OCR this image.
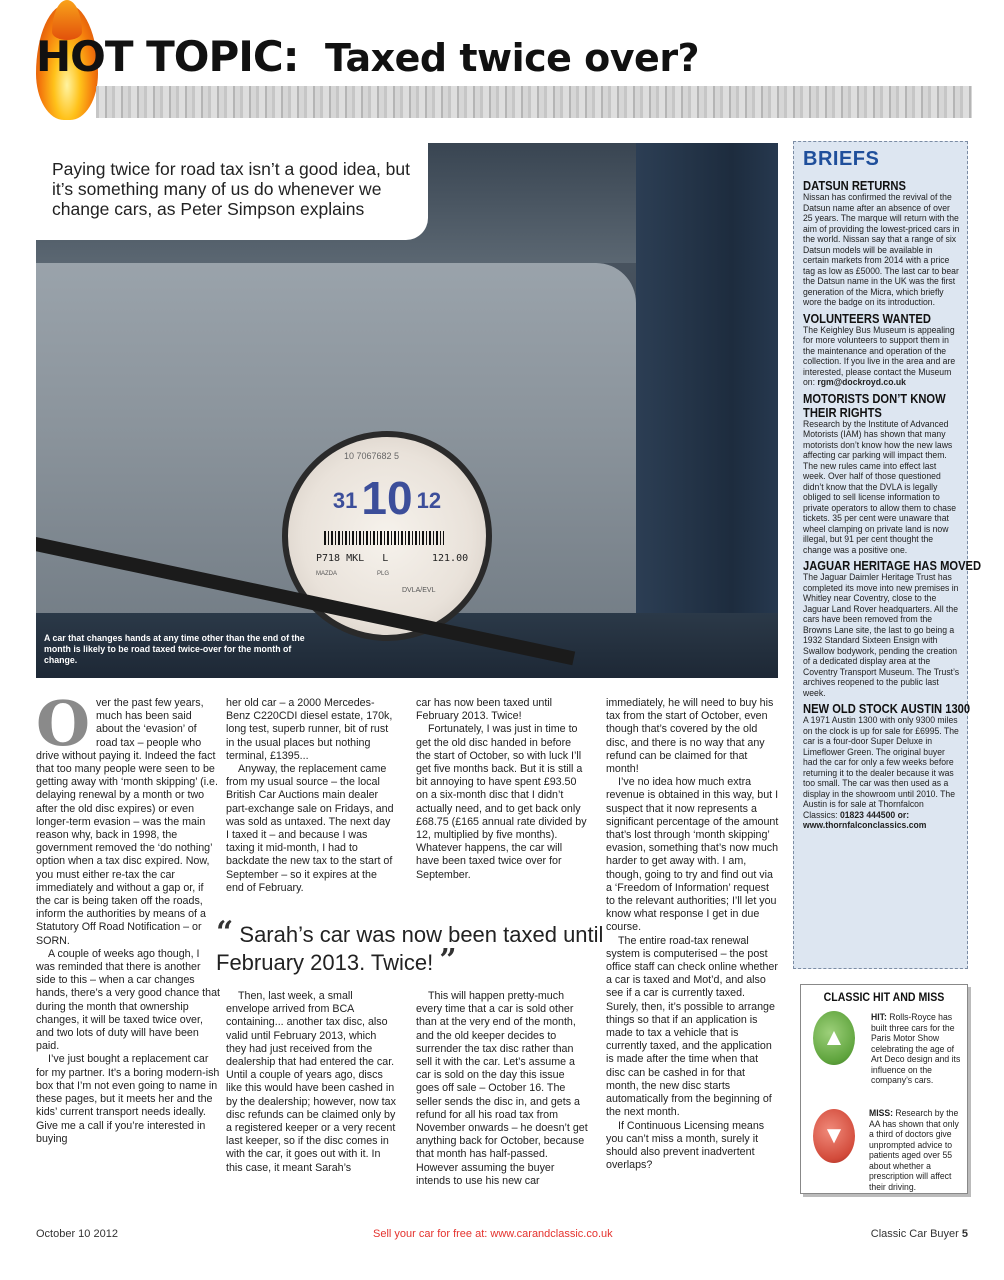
HOT TOPIC: Taxed twice over?
10 7067682 5
3110 12
P718 MKL L	121.00
MAZDA	PLG
DVLA/EVL
Paying twice for road tax isn’t a good idea, but it’s something many of us do whenever we change cars, as Peter Simpson explains
A car that changes hands at any time other than the end of the month is likely to be road taxed twice-over for the month of change.

Over the past few years, much has been said about the ‘evasion’ of road tax – people who drive without paying it. Indeed the fact that too many people were seen to be getting away with ‘month skipping’ (i.e. delaying renewal by a month or two after the old disc expires) or even longer-term evasion – was the main reason why, back in 1998, the government removed the ‘do nothing’ option when a tax disc expired. Now, you must either re-tax the car immediately and without a gap or, if the car is being taken off the roads, inform the authorities by means of a Statutory Off Road Notification – or SORN.

A couple of weeks ago though, I was reminded that there is another side to this – when a car changes hands, there’s a very good chance that during the month that ownership changes, it will be taxed twice over, and two lots of duty will have been paid.

I’ve just bought a replacement car for my partner. It’s a boring modern-ish box that I’m not even going to name in these pages, but it meets her and the kids’ current transport needs ideally. Give me a call if you’re interested in buying

her old car – a 2000 Mercedes-Benz C220CDI diesel estate, 170k, long test, superb runner, bit of rust in the usual places but nothing terminal, £1395...

Anyway, the replacement came from my usual source – the local British Car Auctions main dealer part-exchange sale on Fridays, and was sold as untaxed. The next day I taxed it – and because I was taxing it mid-month, I had to backdate the new tax to the start of September – so it expires at the end of February.

car has now been taxed until February 2013. Twice!

Fortunately, I was just in time to get the old disc handed in before the start of October, so with luck I’ll get five months back. But it is still a bit annoying to have spent £93.50 on a six-month disc that I didn’t actually need, and to get back only £68.75 (£165 annual rate divided by 12, multiplied by five months). Whatever happens, the car will have been taxed twice over for September.

“ Sarah’s car was now been taxed until February 2013. Twice! ”

Then, last week, a small envelope arrived from BCA containing... another tax disc, also valid until February 2013, which they had just received from the dealership that had entered the car. Until a couple of years ago, discs like this would have been cashed in by the dealership; however, now tax disc refunds can be claimed only by a registered keeper or a very recent last keeper, so if the disc comes in with the car, it goes out with it. In this case, it meant Sarah’s

This will happen pretty-much every time that a car is sold other than at the very end of the month, and the old keeper decides to surrender the tax disc rather than sell it with the car. Let’s assume a car is sold on the day this issue goes off sale – October 16. The seller sends the disc in, and gets a refund for all his road tax from November onwards – he doesn’t get anything back for October, because that month has half-passed. However assuming the buyer intends to use his new car

immediately, he will need to buy his tax from the start of October, even though that’s covered by the old disc, and there is no way that any refund can be claimed for that month!

I’ve no idea how much extra revenue is obtained in this way, but I suspect that it now represents a significant percentage of the amount that’s lost through ‘month skipping’ evasion, something that’s now much harder to get away with. I am, though, going to try and find out via a ‘Freedom of Information’ request to the relevant authorities; I’ll let you know what response I get in due course.

The entire road-tax renewal system is computerised – the post office staff can check online whether a car is taxed and Mot’d, and also see if a car is currently taxed. Surely, then, it’s possible to arrange things so that if an application is made to tax a vehicle that is currently taxed, and the application is made after the time when that disc can be cashed in for that month, the new disc starts automatically from the beginning of the next month.

If Continuous Licensing means you can’t miss a month, surely it should also prevent inadvertent overlaps?

BRIEFS
DATSUN RETURNS
Nissan has confirmed the revival of the Datsun name after an absence of over 25 years. The marque will return with the aim of providing the lowest-priced cars in the world. Nissan say that a range of six Datsun models will be available in certain markets from 2014 with a price tag as low as £5000. The last car to bear the Datsun name in the UK was the first generation of the Micra, which briefly wore the badge on its introduction.
VOLUNTEERS WANTED
The Keighley Bus Museum is appealing for more volunteers to support them in the maintenance and operation of the collection. If you live in the area and are interested, please contact the Museum on: rgm@dockroyd.co.uk
MOTORISTS DON’T KNOW THEIR RIGHTS
Research by the Institute of Advanced Motorists (IAM) has shown that many motorists don’t know how the new laws affecting car parking will impact them. The new rules came into effect last week. Over half of those questioned didn’t know that the DVLA is legally obliged to sell license information to private operators to allow them to chase tickets. 35 per cent were unaware that wheel clamping on private land is now illegal, but 91 per cent thought the change was a positive one.
JAGUAR HERITAGE HAS MOVED
The Jaguar Daimler Heritage Trust has completed its move into new premises in Whitley near Coventry, close to the Jaguar Land Rover headquarters. All the cars have been removed from the Browns Lane site, the last to go being a 1932 Standard Sixteen Ensign with Swallow bodywork, pending the creation of a dedicated display area at the Coventry Transport Museum. The Trust’s archives reopened to the public last week.
NEW OLD STOCK AUSTIN 1300
A 1971 Austin 1300 with only 9300 miles on the clock is up for sale for £6995. The car is a four-door Super Deluxe in Limeflower Green. The original buyer had the car for only a few weeks before returning it to the dealer because it was too small. The car was then used as a display in the showroom until 2010. The Austin is for sale at Thornfalcon Classics: 01823 444500 or: www.thornfalconclassics.com
CLASSIC HIT AND MISS
▲
HIT: Rolls-Royce has built three cars for the Paris Motor Show celebrating the age of Art Deco design and its influence on the company’s cars.
▼
MISS: Research by the AA has shown that only a third of doctors give unprompted advice to patients aged over 55 about whether a prescription will affect their driving.
October 10 2012	Sell your car for free at: www.carandclassic.co.uk	Classic Car Buyer 5
